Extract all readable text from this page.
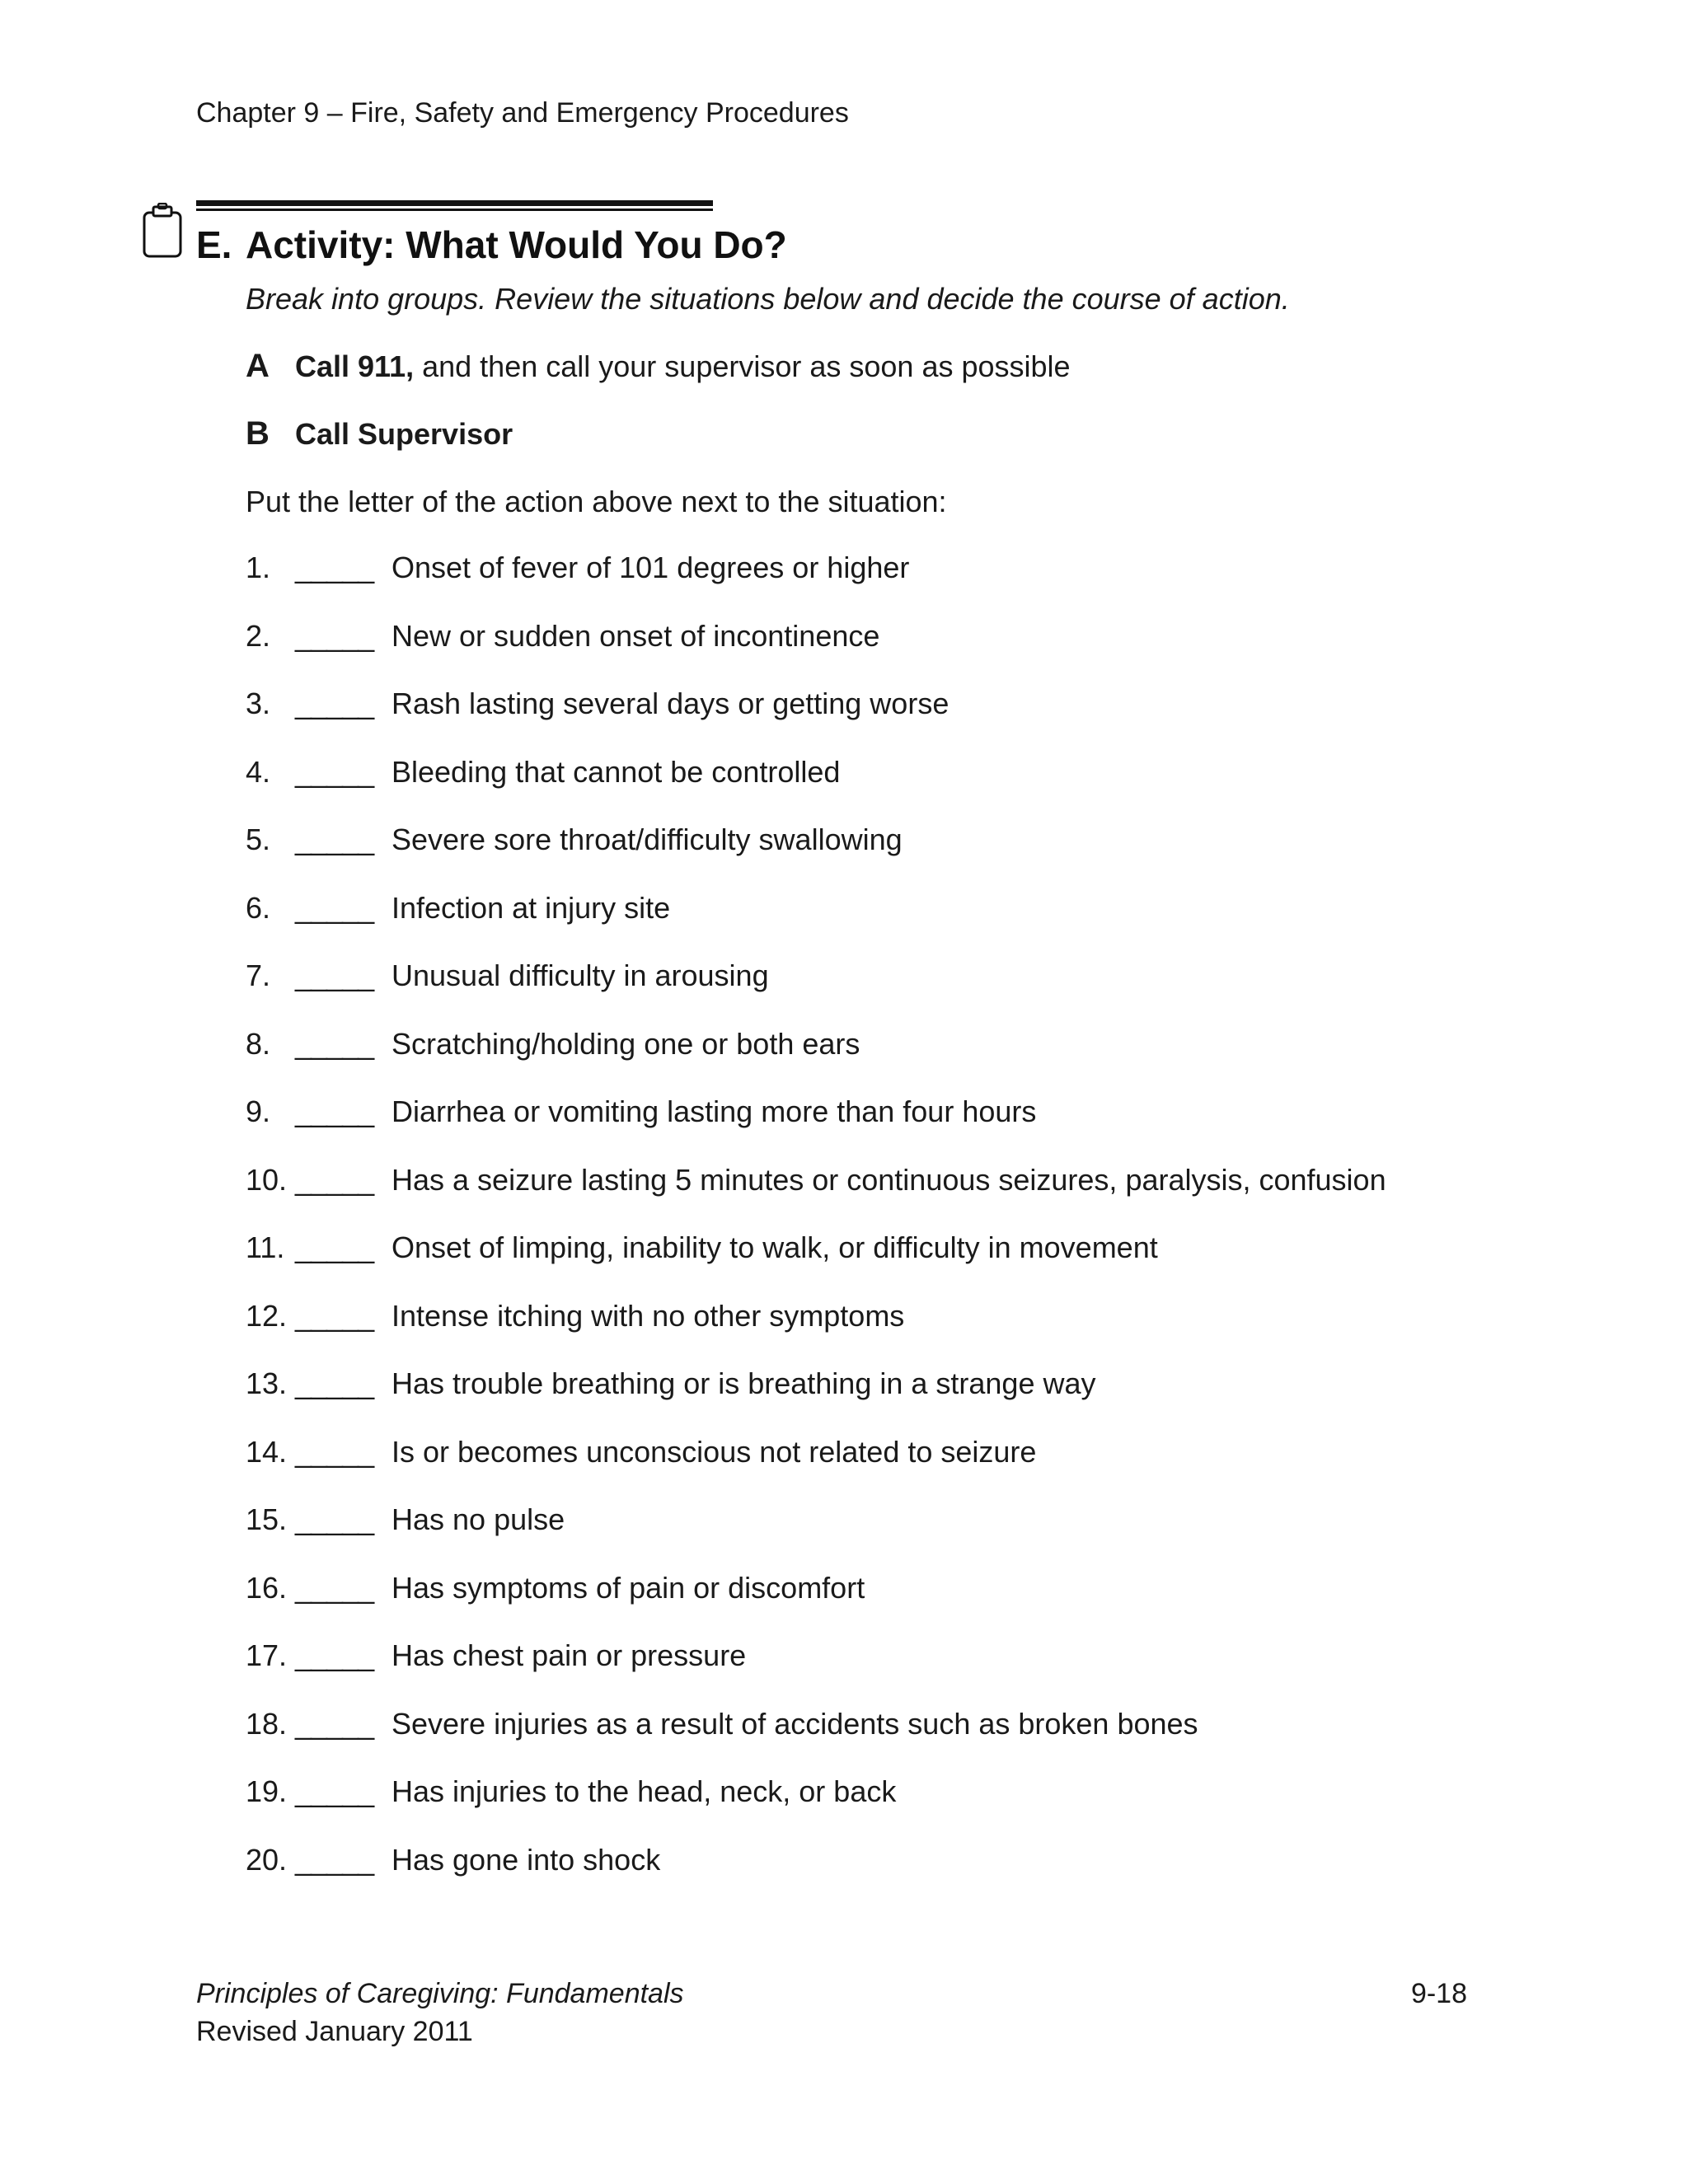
Chapter 9 – Fire, Safety and Emergency Procedures
E. Activity: What Would You Do?
Break into groups. Review the situations below and decide the course of action.
A Call 911, and then call your supervisor as soon as possible
B Call Supervisor
Put the letter of the action above next to the situation:
1. _____ Onset of fever of 101 degrees or higher
2. _____ New or sudden onset of incontinence
3. _____ Rash lasting several days or getting worse
4. _____ Bleeding that cannot be controlled
5. _____ Severe sore throat/difficulty swallowing
6. _____ Infection at injury site
7. _____ Unusual difficulty in arousing
8. _____ Scratching/holding one or both ears
9. _____ Diarrhea or vomiting lasting more than four hours
10. _____ Has a seizure lasting 5 minutes or continuous seizures, paralysis, confusion
11. _____ Onset of limping, inability to walk, or difficulty in movement
12. _____ Intense itching with no other symptoms
13. _____ Has trouble breathing or is breathing in a strange way
14. _____ Is or becomes unconscious not related to seizure
15. _____ Has no pulse
16. _____ Has symptoms of pain or discomfort
17. _____ Has chest pain or pressure
18. _____ Severe injuries as a result of accidents such as broken bones
19. _____ Has injuries to the head, neck, or back
20. _____ Has gone into shock
Principles of Caregiving: Fundamentals
Revised January 2011
9-18
